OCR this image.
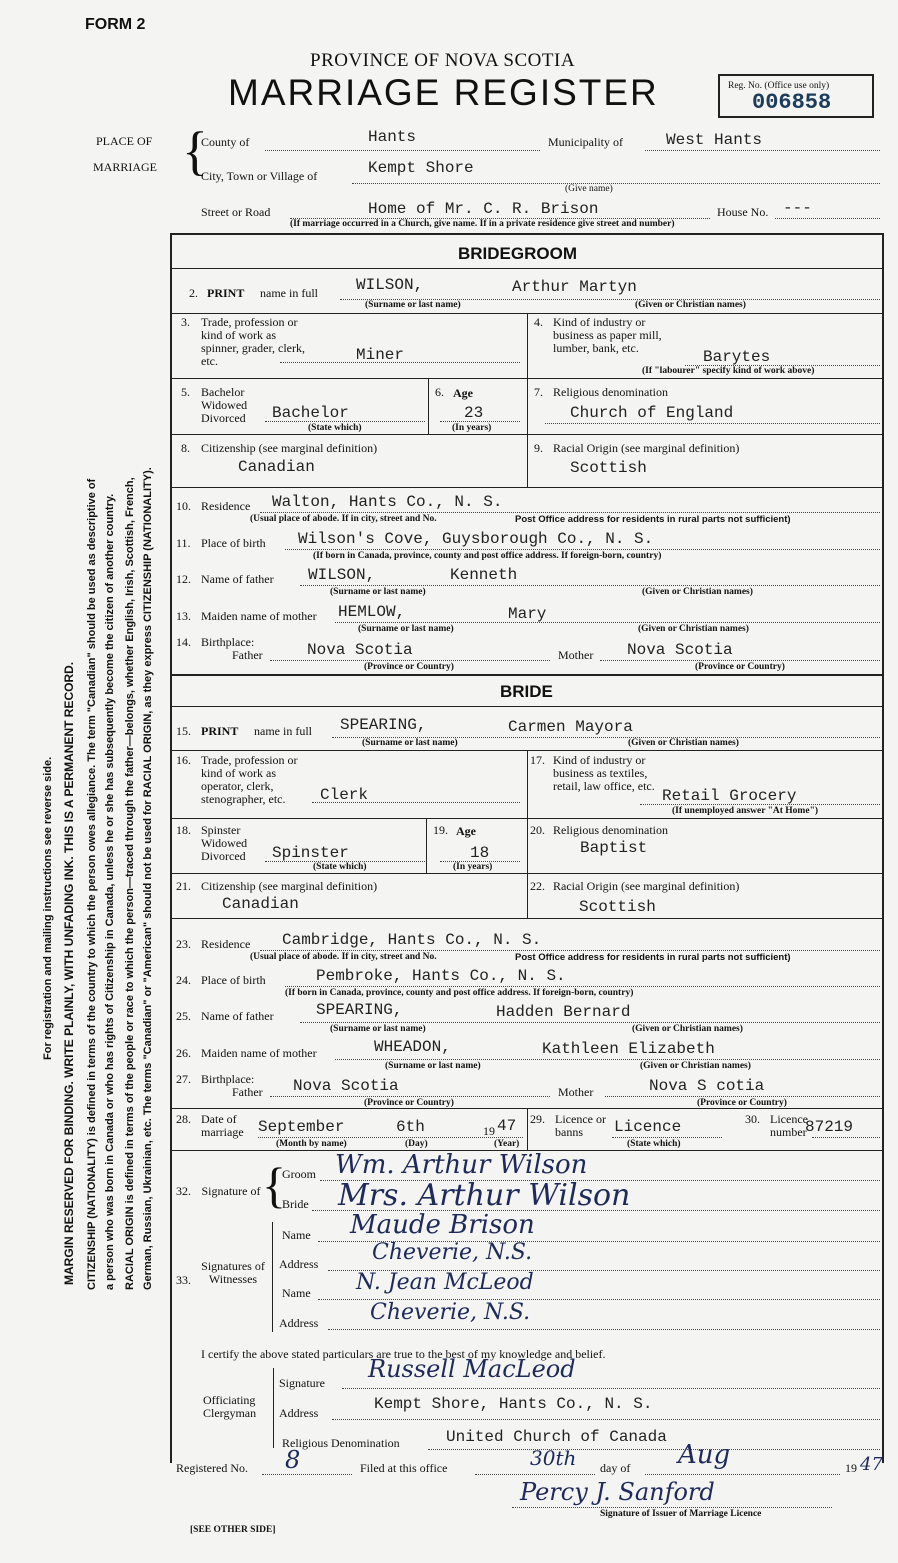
For registration and mailing instructions see reverse side. MARGIN RESERVED FOR BINDING. WRITE PLAINLY, WITH UNFADING INK. THIS IS A PERMANENT RECORD. CITIZENSHIP (NATIONALITY) is defined in terms of the country to which the person owes allegiance. The term "Canadian" should be used as descriptive of a person who was born in Canada or who has rights of Citizenship in Canada, unless he or she has subsequently become the citizen of another country. RACIAL ORIGIN is defined in terms of the people or race to which the person—traced through the father—belongs, whether English, Irish, Scottish, French, German, Russian, Ukrainian, etc. The terms "Canadian" or "American" should not be used for RACIAL ORIGIN, as they express CITIZENSHIP (NATIONALITY).
FORM 2
PROVINCE OF NOVA SCOTIA
MARRIAGE REGISTER	Reg. No. (Office use only)
006858
PLACE OF
MARRIAGE {
County of	Hants	Municipality of	West Hants
City, Town or Village of	Kempt Shore
(Give name)
Street or Road	Home of Mr. C. R. Brison	House No. ---
(If marriage occurred in a Church, give name. If in a private residence give street and number)
BRIDEGROOM
2. PRINT name in full WILSON,	Arthur Martyn
(Surname or last name)	(Given or Christian names)
3. Trade, profession or kind of work as spinner, grader, clerk, etc.	Miner
4. Kind of industry or business as paper mill, lumber, bank, etc.	Barytes
(If "labourer" specify kind of work above)
5. Bachelor Widowed Divorced	Bachelor
(State which)
6. Age
23
(In years)
7. Religious denomination
Church of England
8. Citizenship (see marginal definition)
Canadian
9. Racial Origin (see marginal definition)
Scottish
10. Residence Walton, Hants Co., N. S.
(Usual place of abode. If in city, street and No.	Post Office address for residents in rural parts not sufficient)
11. Place of birth Wilson's Cove, Guysborough Co., N. S.
(If born in Canada, province, county and post office address. If foreign-born, country)
12. Name of father WILSON,	Kenneth
(Surname or last name)	(Given or Christian names)
13. Maiden name of mother HEMLOW,	Mary
(Surname or last name)	(Given or Christian names)
14. Birthplace:
Father	Nova Scotia
(Province or Country)
Mother Nova Scotia
(Province or Country)
BRIDE
15. PRINT name in full SPEARING,	Carmen Mayora
(Surname or last name)	(Given or Christian names)
16. Trade, profession or kind of work as operator, clerk, stenographer, etc.	Clerk
17. Kind of industry or business as textiles, retail, law office, etc.
Retail Grocery
(If unemployed answer "At Home")
18. Spinster Widowed Divorced	Spinster
(State which)
19. Age
18
(In years)
20. Religious denomination
Baptist
21. Citizenship (see marginal definition)
Canadian
22. Racial Origin (see marginal definition)
Scottish
23. Residence Cambridge, Hants Co., N. S.
(Usual place of abode. If in city, street and No.	Post Office address for residents in rural parts not sufficient)
24. Place of birth	Pembroke, Hants Co., N. S.
(If born in Canada, province, county and post office address. If foreign-born, country)
25. Name of father	SPEARING,	Hadden Bernard
(Surname or last name)	(Given or Christian names)
26. Maiden name of mother	WHEADON,	Kathleen Elizabeth
(Surname or last name)	(Given or Christian names)
27. Birthplace:
Father Nova Scotia
(Province or Country)
Mother	Nova S cotia
(Province or Country)
28. Date of marriage September	6th	19 47
(Month by name)	(Day)	(Year)
29. Licence or banns	Licence
(State which)
30. Licence number
87219
32. Signature of {
Groom Wm. Arthur Wilson
Bride Mrs. Arthur Wilson
33.
Signatures of Witnesses
Name Maude Brison
Address Cheverie, N.S.
Name N. Jean McLeod
Address Cheverie, N.S.
I certify the above stated particulars are true to the best of my knowledge and belief.
Officiating Clergyman
Signature Russell MacLeod
Address	Kempt Shore, Hants Co., N. S.
Religious Denomination	United Church of Canada
Registered No. 8	Filed at this office	30th day of Aug	19 47
Percy J. Sanford
Signature of Issuer of Marriage Licence
[SEE OTHER SIDE]
